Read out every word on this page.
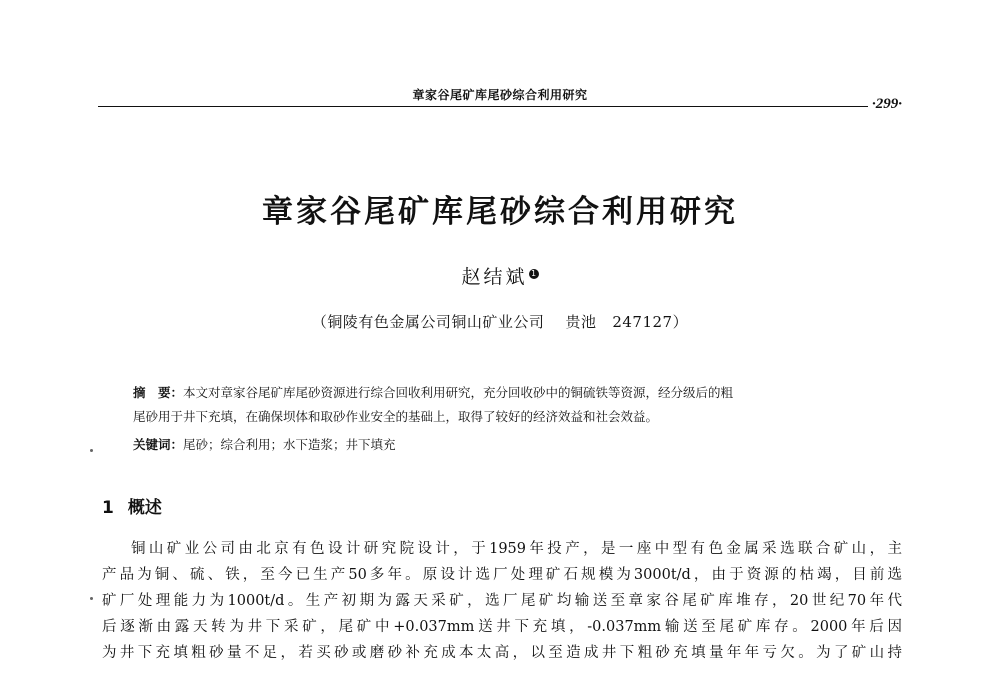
章家谷尾矿库尾砂综合利用研究
·299·
章家谷尾矿库尾砂综合利用研究
赵结斌 1
（铜陵有色金属公司铜山矿业公司 贵池 247127）
摘　要：本文对章家谷尾矿库尾砂资源进行综合回收利用研究，充分回收砂中的铜硫铁等资源，经分级后的粗
尾砂用于井下充填，在确保坝体和取砂作业安全的基础上，取得了较好的经济效益和社会效益。
关键词：尾砂；综合利用；水下造浆；井下填充
1 概述
铜山矿业公司由北京有色设计研究院设计，于1959年投产，是一座中型有色金属采选联合矿山，主
产品为铜、硫、铁，至今已生产50多年。原设计选厂处理矿石规模为3000t/d，由于资源的枯竭，目前选
矿厂处理能力为1000t/d。生产初期为露天采矿，选厂尾矿均输送至章家谷尾矿库堆存，20世纪70年代
后逐渐由露天转为井下采矿，尾矿中+0.037mm送井下充填，-0.037mm输送至尾矿库存。2000年后因
为井下充填粗砂量不足，若买砂或磨砂补充成本太高，以至造成井下粗砂充填量年年亏欠。为了矿山持
